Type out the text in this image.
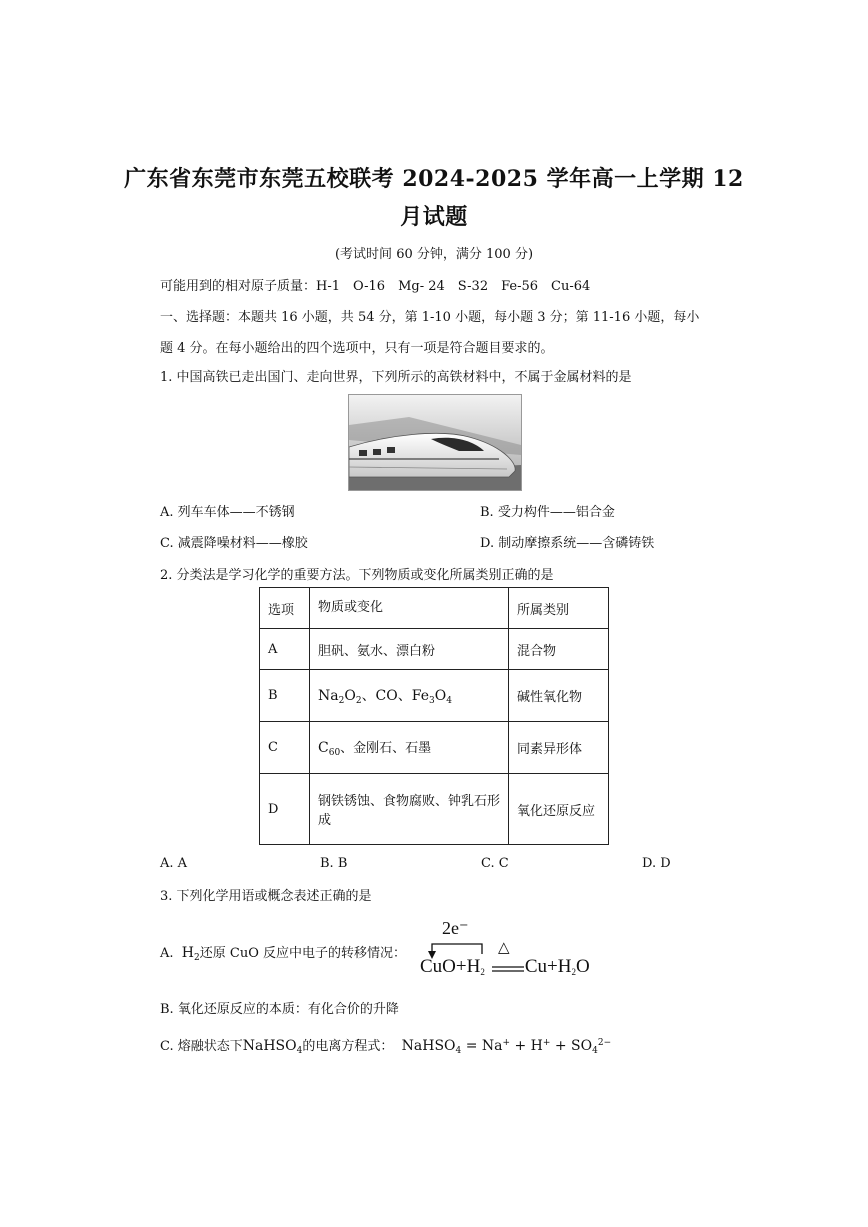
广东省东莞市东莞五校联考 2024-2025 学年高一上学期 12
月试题
(考试时间 60 分钟，满分 100 分)
可能用到的相对原子质量：H-1　O-16　Mg- 24　S-32　Fe-56　Cu-64
一、选择题：本题共 16 小题，共 54 分，第 1-10 小题，每小题 3 分；第 11-16 小题，每小
题 4 分。在每小题给出的四个选项中，只有一项是符合题目要求的。
1. 中国高铁已走出国门、走向世界，下列所示的高铁材料中，不属于金属材料的是
A. 列车车体——不锈钢	B. 受力构件——铝合金
C. 减震降噪材料——橡胶	D. 制动摩擦系统——含磷铸铁
2. 分类法是学习化学的重要方法。下列物质或变化所属类别正确的是
选项	物质或变化	所属类别
A	胆矾、氨水、漂白粉	混合物
B	$Na_2O_2$、CO、$Fe_3O_4$	碱性氧化物
C	$C_{60}$、金刚石、石墨	同素异形体
D	钢铁锈蚀、食物腐败、钟乳石形成	氧化还原反应
A. A	B. B	C. C	D. D
3. 下列化学用语或概念表述正确的是
A. $H_2$还原 CuO 反应中电子的转移情况：
2e⁻
△
$CuO+H_2$ $Cu+H_2O$
B. 氧化还原反应的本质：有化合价的升降
C. 熔融状态下NaHSO$_4$的电离方程式： NaHSO$_4$ = $Na^+ + H^+ + SO_4^{2-}$
